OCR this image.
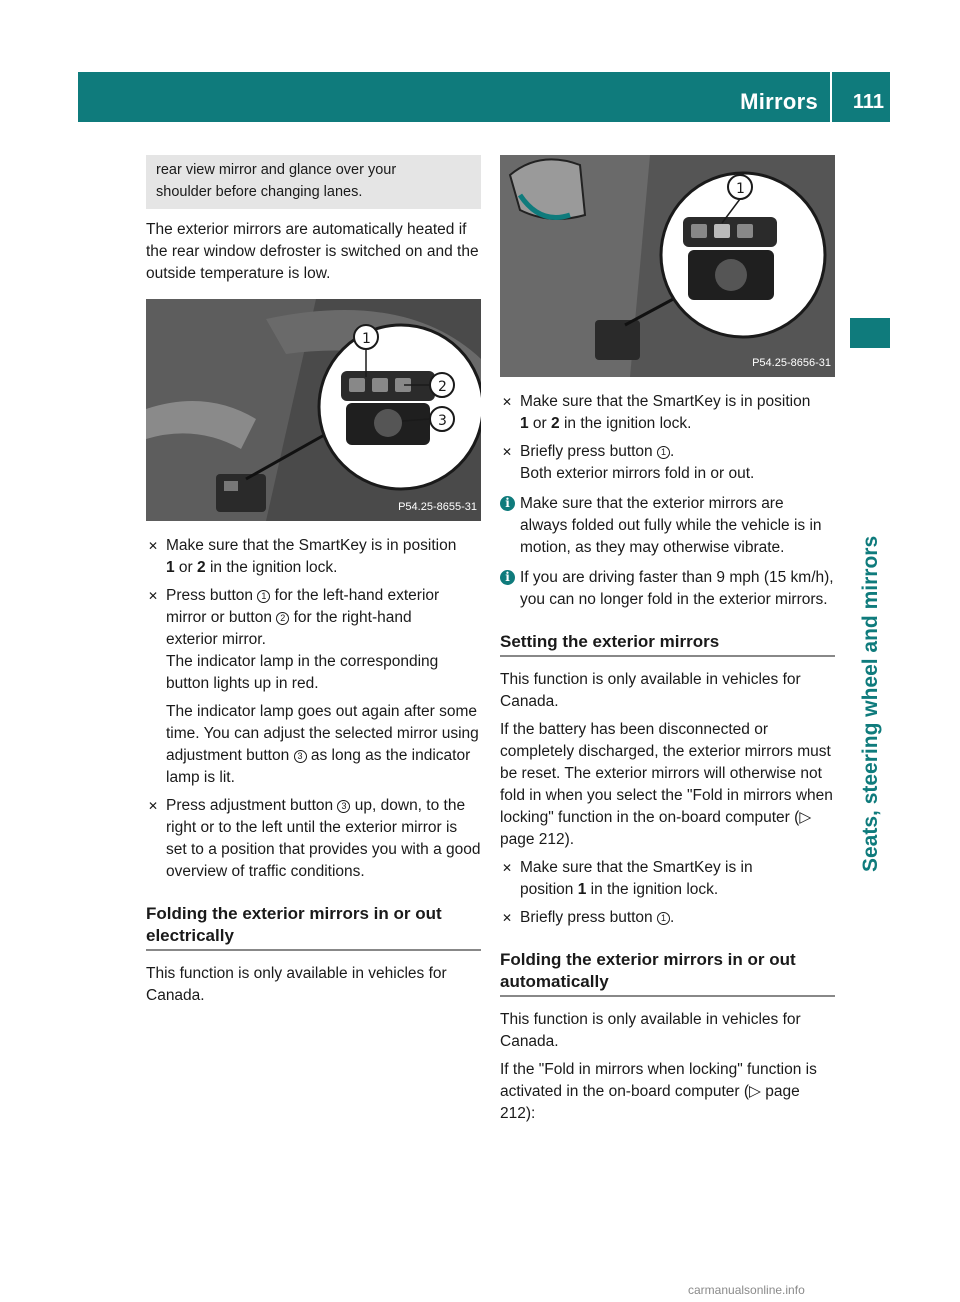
Mirrors 111
Seats, steering wheel and mirrors
rear view mirror and glance over your
shoulder before changing lanes.

The exterior mirrors are automatically heated if the rear window defroster is switched on and the outside temperature is low.

1
2
3
P54.25-8655-31
✕ Make sure that the SmartKey is in position
1 or 2 in the ignition lock.
✕ Press button 1 for the left-hand exterior
mirror or button 2 for the right-hand
exterior mirror.
The indicator lamp in the corresponding button lights up in red.
The indicator lamp goes out again after some time. You can adjust the selected mirror using adjustment button 3 as long as the indicator lamp is lit.
✕ Press adjustment button 3 up, down, to the right or to the left until the exterior mirror is set to a position that provides you with a good overview of traffic conditions.
Folding the exterior mirrors in or out electrically

This function is only available in vehicles for Canada.

1
P54.25-8656-31
✕ Make sure that the SmartKey is in position
1 or 2 in the ignition lock.
✕ Briefly press button 1 .
Both exterior mirrors fold in or out.
i Make sure that the exterior mirrors are always folded out fully while the vehicle is in motion, as they may otherwise vibrate.
i If you are driving faster than 9 mph (15 km/h), you can no longer fold in the exterior mirrors.
Setting the exterior mirrors

This function is only available in vehicles for Canada.

If the battery has been disconnected or completely discharged, the exterior mirrors must be reset. The exterior mirrors will otherwise not fold in when you select the "Fold in mirrors when locking" function in the on-board computer (▷ page 212).

✕ Make sure that the SmartKey is in
position 1 in the ignition lock.
✕ Briefly press button 1 .
Folding the exterior mirrors in or out automatically

This function is only available in vehicles for Canada.

If the "Fold in mirrors when locking" function is activated in the on-board computer (▷ page 212):

carmanualsonline.info
